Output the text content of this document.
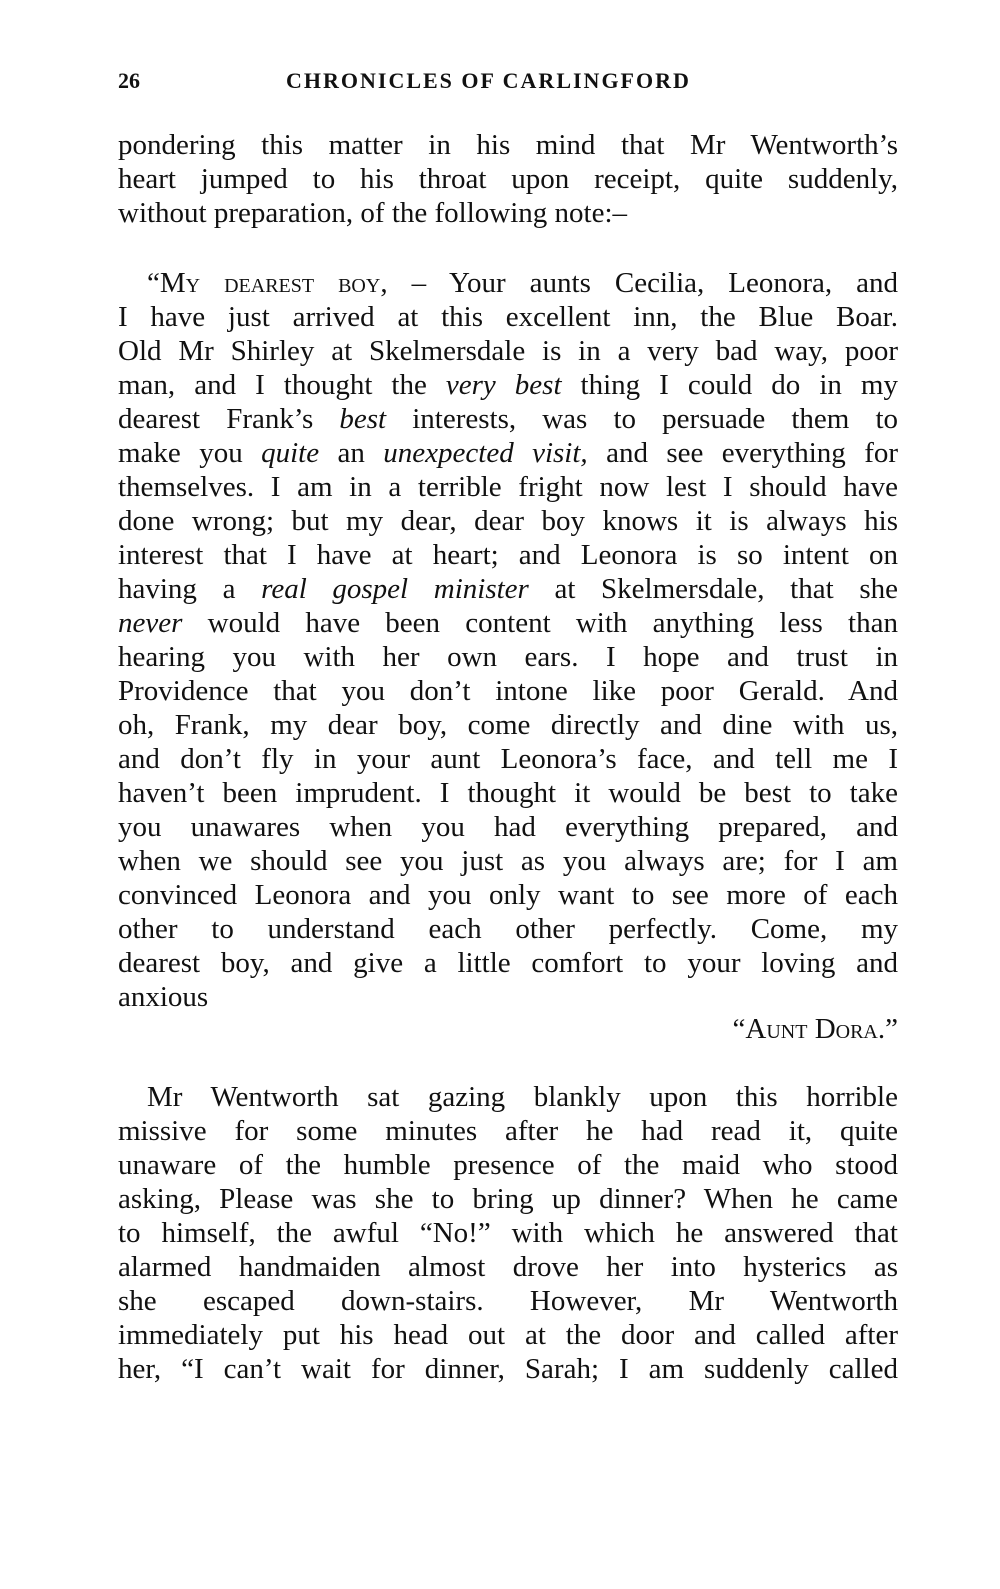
26	CHRONICLES OF CARLINGFORD
pondering this matter in his mind that Mr Wentworth’s
heart jumped to his throat upon receipt, quite suddenly,
without preparation, of the following note:–
 “My dearest boy, – Your aunts Cecilia, Leonora, and
I have just arrived at this excellent inn, the Blue Boar.
Old Mr Shirley at Skelmersdale is in a very bad way, poor
man, and I thought the very best thing I could do in my
dearest Frank’s best interests, was to persuade them to
make you quite an unexpected visit, and see everything for
themselves. I am in a terrible fright now lest I should have
done wrong; but my dear, dear boy knows it is always his
interest that I have at heart; and Leonora is so intent on
having a real gospel minister at Skelmersdale, that she
never would have been content with anything less than
hearing you with her own ears. I hope and trust in
Providence that you don’t intone like poor Gerald. And
oh, Frank, my dear boy, come directly and dine with us,
and don’t fly in your aunt Leonora’s face, and tell me I
haven’t been imprudent. I thought it would be best to take
you unawares when you had everything prepared, and
when we should see you just as you always are; for I am
convinced Leonora and you only want to see more of each
other to understand each other perfectly. Come, my
dearest boy, and give a little comfort to your loving and
anxious
“Aunt Dora.”
 Mr Wentworth sat gazing blankly upon this horrible
missive for some minutes after he had read it, quite
unaware of the humble presence of the maid who stood
asking, Please was she to bring up dinner? When he came
to himself, the awful “No!” with which he answered that
alarmed handmaiden almost drove her into hysterics as
she escaped down-stairs. However, Mr Wentworth
immediately put his head out at the door and called after
her, “I can’t wait for dinner, Sarah; I am suddenly called
